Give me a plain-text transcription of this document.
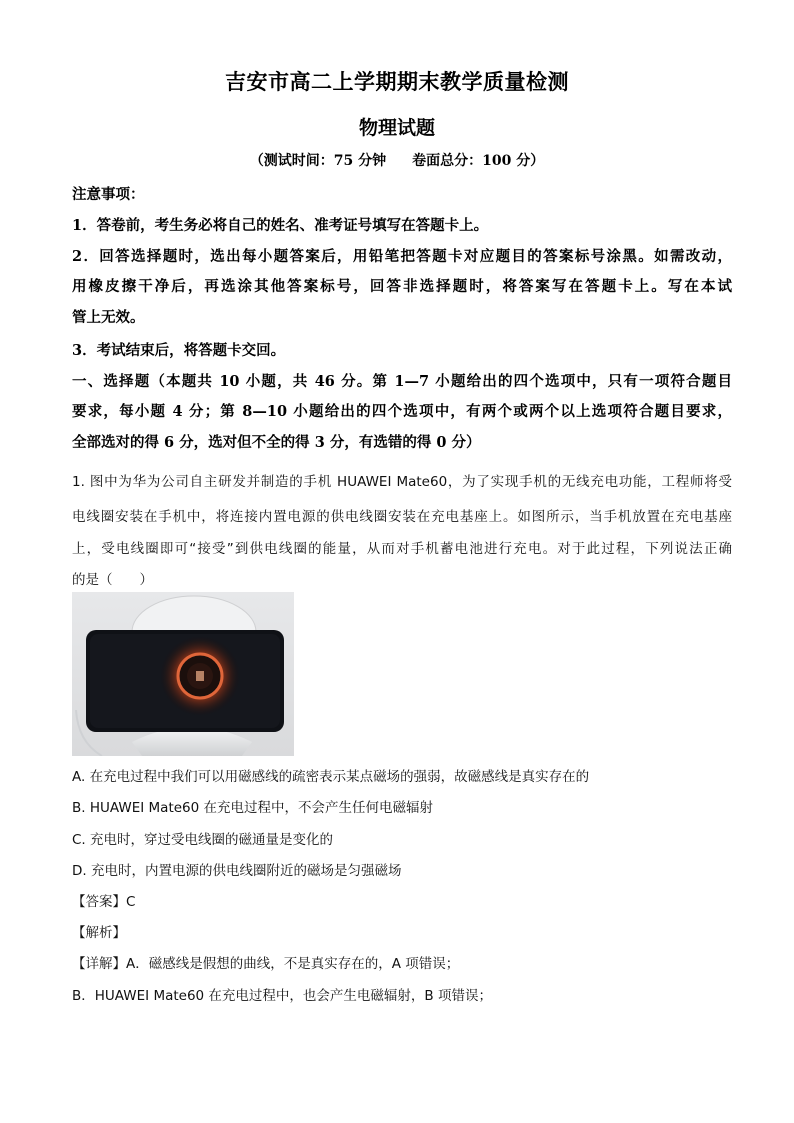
吉安市高二上学期期末教学质量检测
物理试题
（测试时间：75 分钟 卷面总分：100 分）
注意事项：
1．答卷前，考生务必将自己的姓名、准考证号填写在答题卡上。
2．回答选择题时，选出每小题答案后，用铅笔把答题卡对应题目的答案标号涂黑。如需改动，
用橡皮擦干净后，再选涂其他答案标号，回答非选择题时，将答案写在答题卡上。写在本试
管上无效。
3．考试结束后，将答题卡交回。
一、选择题（本题共 10 小题，共 46 分。第 1—7 小题给出的四个选项中，只有一项符合题目
要求，每小题 4 分；第 8—10 小题给出的四个选项中，有两个或两个以上选项符合题目要求，
全部选对的得 6 分，选对但不全的得 3 分，有选错的得 0 分）
1. 图中为华为公司自主研发并制造的手机 HUAWEI Mate60，为了实现手机的无线充电功能，工程师将受
电线圈安装在手机中，将连接内置电源的供电线圈安装在充电基座上。如图所示，当手机放置在充电基座
上，受电线圈即可“接受”到供电线圈的能量，从而对手机蓄电池进行充电。对于此过程，下列说法正确
的是（　　）
A. 在充电过程中我们可以用磁感线的疏密表示某点磁场的强弱，故磁感线是真实存在的
B. HUAWEI Mate60 在充电过程中，不会产生任何电磁辐射
C. 充电时，穿过受电线圈的磁通量是变化的
D. 充电时，内置电源的供电线圈附近的磁场是匀强磁场
【答案】C
【解析】
【详解】A．磁感线是假想的曲线，不是真实存在的，A 项错误；
B．HUAWEI Mate60 在充电过程中，也会产生电磁辐射，B 项错误；
